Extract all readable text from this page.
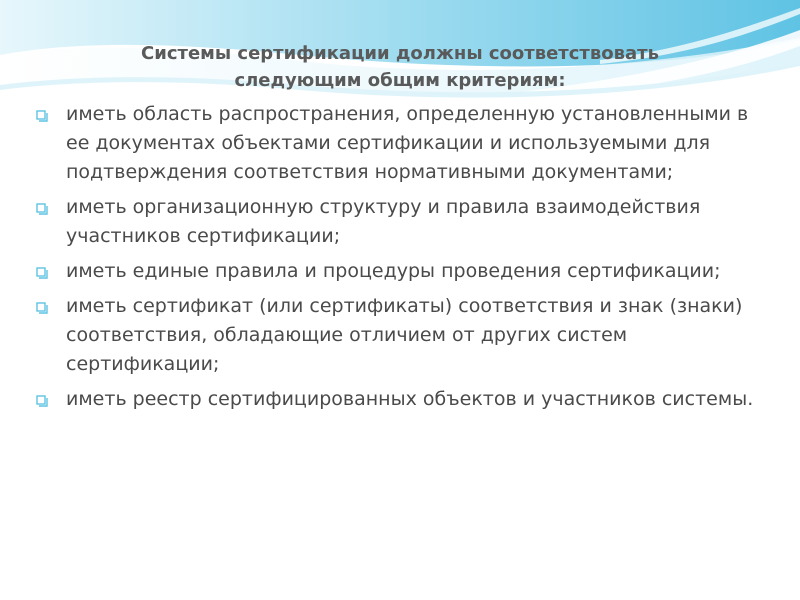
Системы сертификации должны соответствовать
следующим общим критериям:
иметь область распространения, определенную установленными в ее документах объектами сертификации и используемыми для подтверждения соответствия нормативными документами;
иметь организационную структуру и правила взаимодействия участников сертификации;
иметь единые правила и процедуры проведения сертификации;
иметь сертификат (или сертификаты) соответствия и знак (знаки) соответствия, обладающие отличием от других систем сертификации;
иметь реестр сертифицированных объектов и участников системы.
